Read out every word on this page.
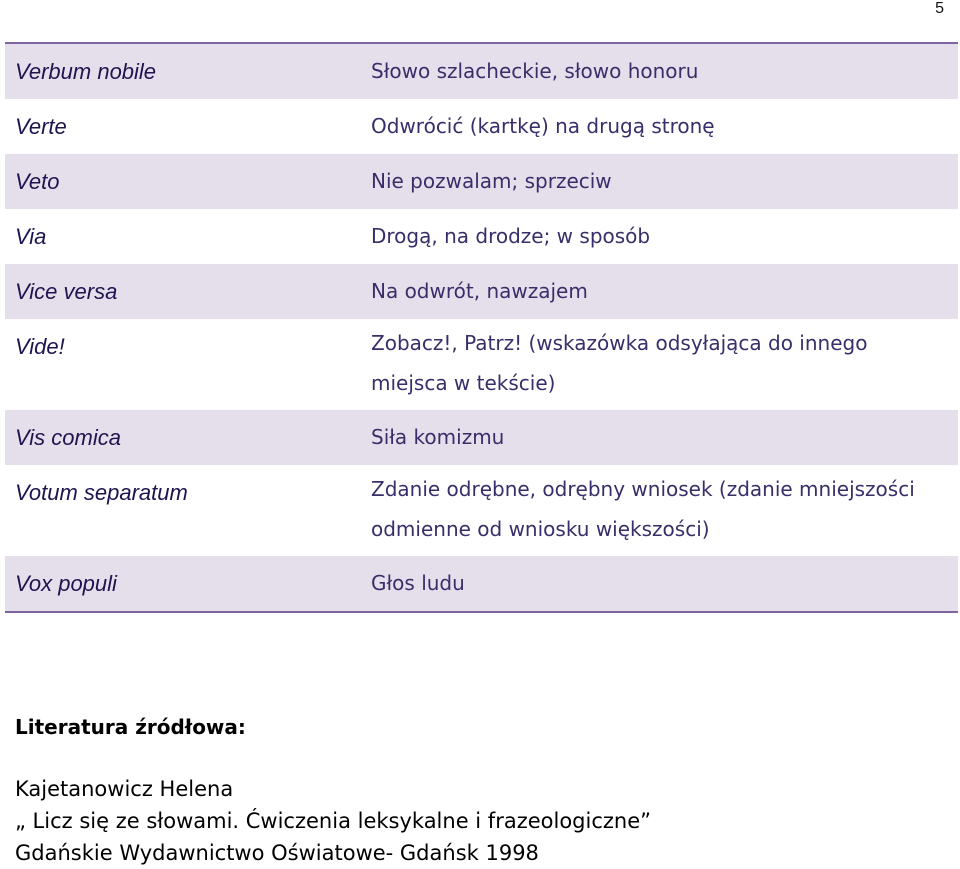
5
Verbum nobile	Słowo szlacheckie, słowo honoru
Verte	Odwrócić (kartkę) na drugą stronę
Veto	Nie pozwalam; sprzeciw
Via	Drogą, na drodze; w sposób
Vice versa	Na odwrót, nawzajem
Vide!	Zobacz!, Patrz! (wskazówka odsyłająca do innego miejsca w tekście)
Vis comica	Siła komizmu
Votum separatum	Zdanie odrębne, odrębny wniosek (zdanie mniejszości odmienne od wniosku większości)
Vox populi	Głos ludu

Literatura źródłowa:

Kajetanowicz Helena
„ Licz się ze słowami. Ćwiczenia leksykalne i frazeologiczne”
Gdańskie Wydawnictwo Oświatowe- Gdańsk 1998
